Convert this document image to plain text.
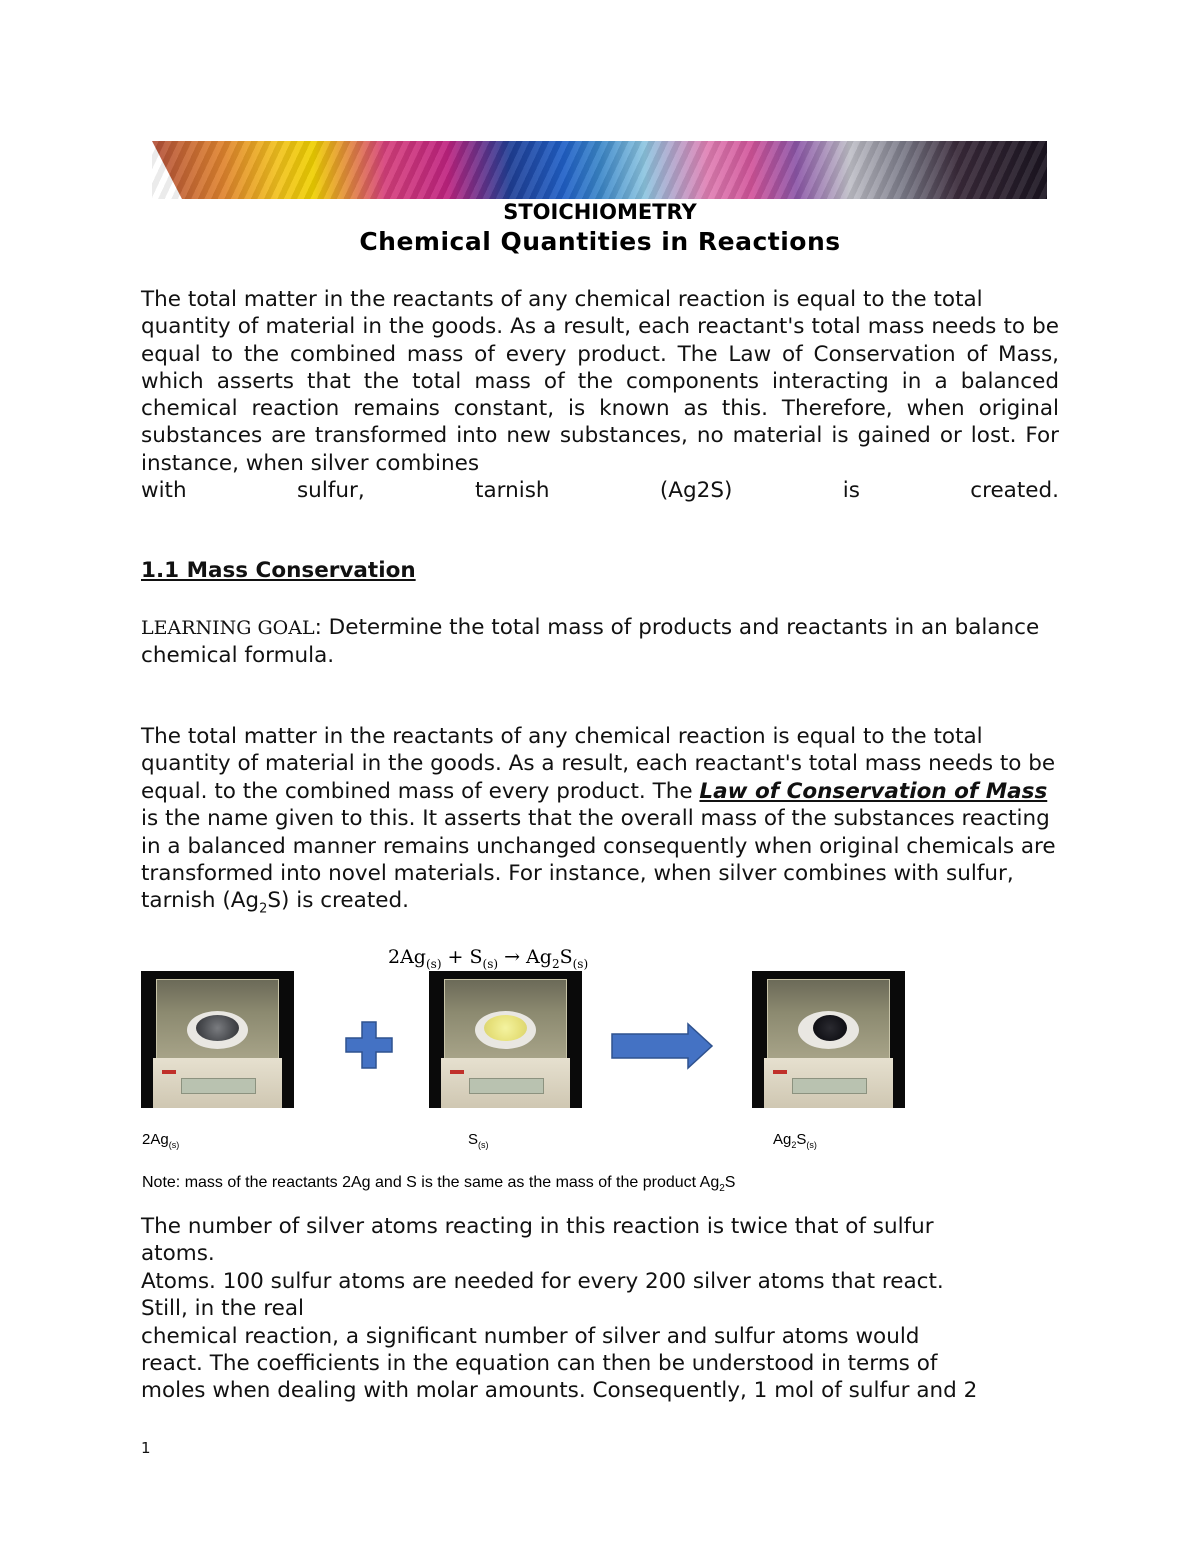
STOICHIOMETRY
Chemical Quantities in Reactions
The total matter in the reactants of any chemical reaction is equal to the total
quantity of material in the goods. As a result, each reactant's total mass needs to be equal to the combined mass of every product. The Law of Conservation of Mass, which asserts that the total mass of the components interacting in a balanced chemical reaction remains constant, is known as this. Therefore, when original substances are transformed into new substances, no material is gained or lost. For instance, when silver combines
with sulfur, tarnish (Ag2S) is created.
1.1 Mass Conservation
LEARNING GOAL: Determine the total mass of products and reactants in an balance chemical formula.
The total matter in the reactants of any chemical reaction is equal to the total quantity of material in the goods. As a result, each reactant's total mass needs to be equal. to the combined mass of every product. The Law of Conservation of Mass is the name given to this. It asserts that the overall mass of the substances reacting in a balanced manner remains unchanged consequently when original chemicals are transformed into novel materials. For instance, when silver combines with sulfur, tarnish $(Ag_2S)$ is created.
$2Ag_{(s)} + S_{(s)} \to Ag_2S_{(s)}$
$2Ag_{(s)}$	$S_{(s)}$	$Ag_2S_{(s)}$
Note: mass of the reactants 2Ag and S is the same as the mass of the product $Ag_2S$
The number of silver atoms reacting in this reaction is twice that of sulfur
atoms.
Atoms. 100 sulfur atoms are needed for every 200 silver atoms that react.
Still, in the real
chemical reaction, a significant number of silver and sulfur atoms would
react. The coefficients in the equation can then be understood in terms of
moles when dealing with molar amounts. Consequently, 1 mol of sulfur and 2
1
